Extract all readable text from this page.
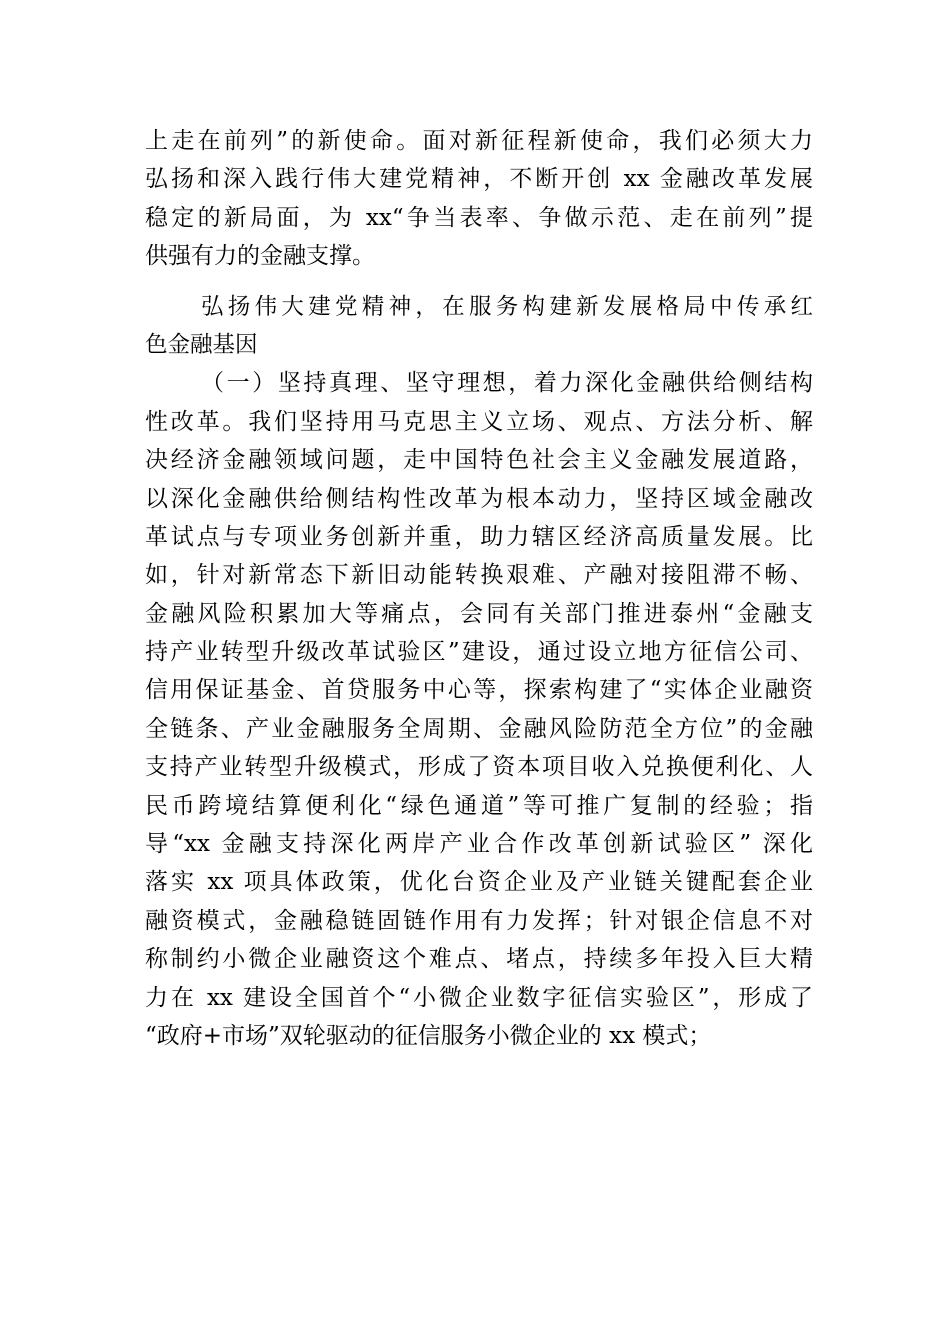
上走在前列”的新使命。面对新征程新使命，我们必须大力
弘扬和深入践行伟大建党精神，不断开创 xx 金融改革发展
稳定的新局面，为 xx“争当表率、争做示范、走在前列”提
供强有力的金融支撑。
弘扬伟大建党精神，在服务构建新发展格局中传承红
色金融基因
（一）坚持真理、坚守理想，着力深化金融供给侧结构
性改革。我们坚持用马克思主义立场、观点、方法分析、解
决经济金融领域问题，走中国特色社会主义金融发展道路，
以深化金融供给侧结构性改革为根本动力，坚持区域金融改
革试点与专项业务创新并重，助力辖区经济高质量发展。比
如，针对新常态下新旧动能转换艰难、产融对接阻滞不畅、
金融风险积累加大等痛点，会同有关部门推进泰州“金融支
持产业转型升级改革试验区”建设，通过设立地方征信公司、
信用保证基金、首贷服务中心等，探索构建了“实体企业融资
全链条、产业金融服务全周期、金融风险防范全方位”的金融
支持产业转型升级模式，形成了资本项目收入兑换便利化、人
民币跨境结算便利化“绿色通道”等可推广复制的经验；指
导“xx 金融支持深化两岸产业合作改革创新试验区” 深化
落实 xx 项具体政策，优化台资企业及产业链关键配套企业
融资模式，金融稳链固链作用有力发挥；针对银企信息不对
称制约小微企业融资这个难点、堵点，持续多年投入巨大精
力在 xx 建设全国首个“小微企业数字征信实验区”，形成了
“政府+市场”双轮驱动的征信服务小微企业的 xx 模式；
